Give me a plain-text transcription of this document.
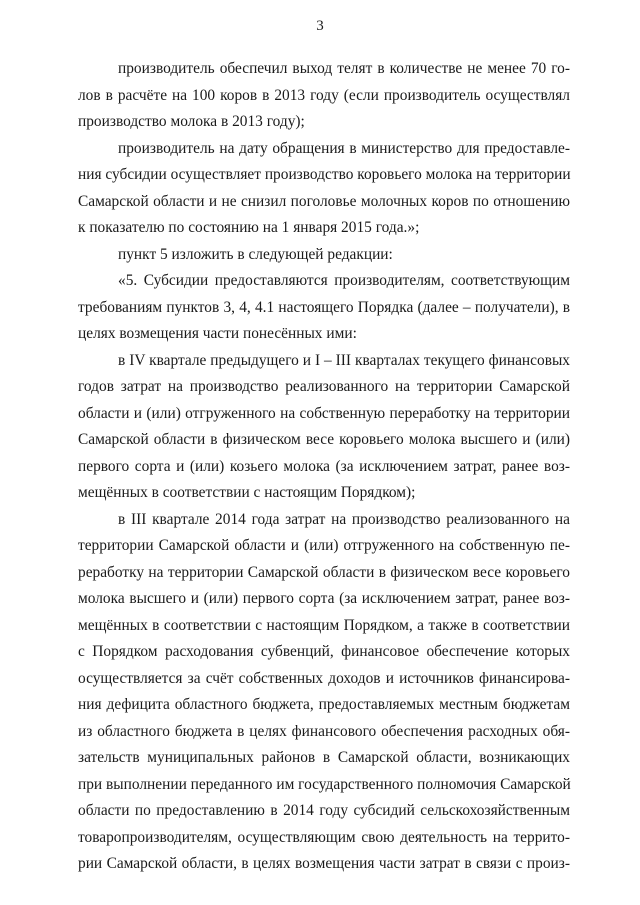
3
производитель обеспечил выход телят в количестве не менее 70 го-
лов в расчёте на 100 коров в 2013 году (если производитель осуществлял
производство молока в 2013 году);
производитель на дату обращения в министерство для предоставле-
ния субсидии осуществляет производство коровьего молока на территории
Самарской области и не снизил поголовье молочных коров по отношению
к показателю по состоянию на 1 января 2015 года.»;
пункт 5 изложить в следующей редакции:
«5. Субсидии предоставляются производителям, соответствующим
требованиям пунктов 3, 4, 4.1 настоящего Порядка (далее – получатели), в
целях возмещения части понесённых ими:
в IV квартале предыдущего и I – III кварталах текущего финансовых
годов затрат на производство реализованного на территории Самарской
области и (или) отгруженного на собственную переработку на территории
Самарской области в физическом весе коровьего молока высшего и (или)
первого сорта и (или) козьего молока (за исключением затрат, ранее воз-
мещённых в соответствии с настоящим Порядком);
в III квартале 2014 года затрат на производство реализованного на
территории Самарской области и (или) отгруженного на собственную пе-
реработку на территории Самарской области в физическом весе коровьего
молока высшего и (или) первого сорта (за исключением затрат, ранее воз-
мещённых в соответствии с настоящим Порядком, а также в соответствии
с Порядком расходования субвенций, финансовое обеспечение которых
осуществляется за счёт собственных доходов и источников финансирова-
ния дефицита областного бюджета, предоставляемых местным бюджетам
из областного бюджета в целях финансового обеспечения расходных обя-
зательств муниципальных районов в Самарской области, возникающих
при выполнении переданного им государственного полномочия Самарской
области по предоставлению в 2014 году субсидий сельскохозяйственным
товаропроизводителям, осуществляющим свою деятельность на террито-
рии Самарской области, в целях возмещения части затрат в связи с произ-
